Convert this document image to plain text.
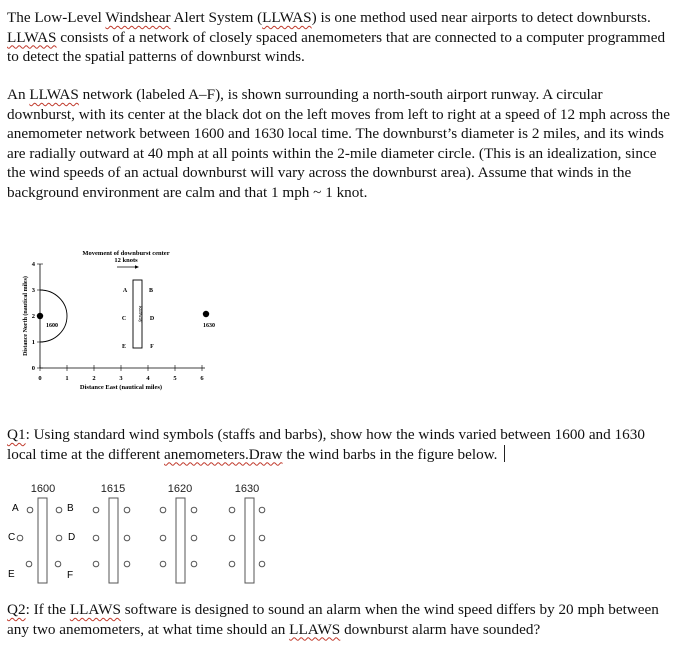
The Low-Level Windshear Alert System (LLWAS) is one method used near airports to detect downbursts. LLWAS consists of a network of closely spaced anemometers that are connected to a computer programmed to detect the spatial patterns of downburst winds.

An LLWAS network (labeled A–F), is shown surrounding a north-south airport runway. A circular downburst, with its center at the black dot on the left moves from left to right at a speed of 12 mph across the anemometer network between 1600 and 1630 local time. The downburst’s diameter is 2 miles, and its winds are radially outward at 40 mph at all points within the 2-mile diameter circle. (This is an idealization, since the wind speeds of an actual downburst will vary across the downburst area). Assume that winds in the background environment are calm and that 1 mph ~ 1 knot.

Movement of downburst center
12 knots
0	1	2	3	4	5	6
Distance East (nautical miles)
0
1
2
3
4
Distance North (nautical miles)	1600
Runway
A	B
C	D
E	F
1630

Q1: Using standard wind symbols (staffs and barbs), show how the winds varied between 1600 and 1630 local time at the different anemometers.Draw the wind barbs in the figure below.

1600	1615	1620	1630
A	B
C	D
E	F

Q2: If the LLAWS software is designed to sound an alarm when the wind speed differs by 20 mph between any two anemometers, at what time should an LLAWS downburst alarm have sounded?
